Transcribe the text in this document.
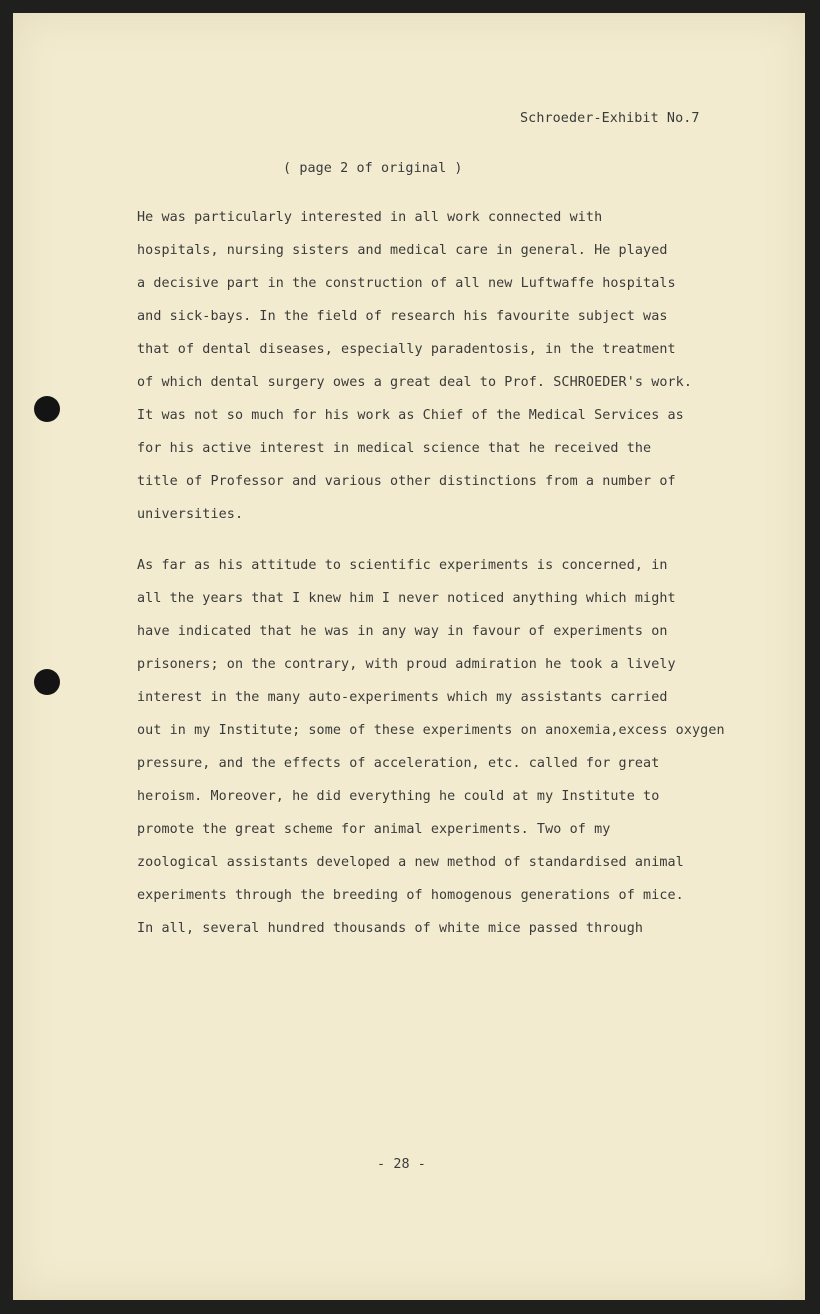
Schroeder-Exhibit No.7
( page 2 of original )
He was particularly interested in all work connected with
hospitals, nursing sisters and medical care in general. He played
a decisive part in the construction of all new Luftwaffe hospitals
and sick-bays. In the field of research his favourite subject was
that of dental diseases, especially paradentosis, in the treatment
of which dental surgery owes a great deal to Prof. SCHROEDER's work.
It was not so much for his work as Chief of the Medical Services as
for his active interest in medical science that he received the
title of Professor and various other distinctions from a number of
universities.
As far as his attitude to scientific experiments is concerned, in
all the years that I knew him I never noticed anything which might
have indicated that he was in any way in favour of experiments on
prisoners; on the contrary, with proud admiration he took a lively
interest in the many auto-experiments which my assistants carried
out in my Institute; some of these experiments on anoxemia,excess oxygen
pressure, and the effects of acceleration, etc. called for great
heroism. Moreover, he did everything he could at my Institute to
promote the great scheme for animal experiments. Two of my
zoological assistants developed a new method of standardised animal
experiments through the breeding of homogenous generations of mice.
In all, several hundred thousands of white mice passed through
- 28 -
